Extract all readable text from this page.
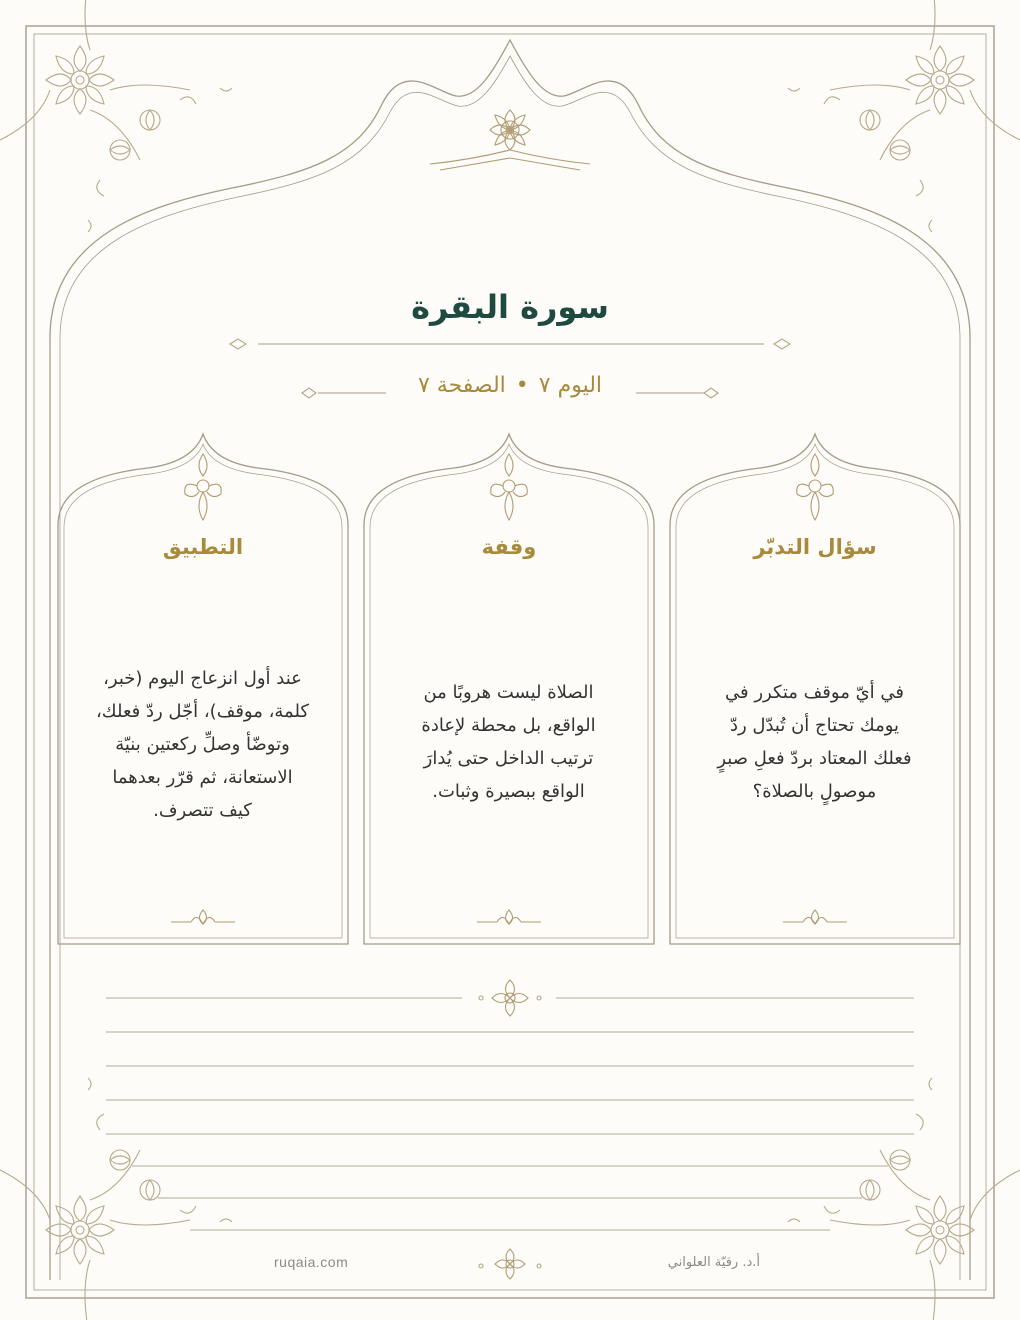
سورة البقرة
اليوم ٧•الصفحة ٧
سؤال التدبّر
في أيّ موقف متكرر في
يومك تحتاج أن تُبدّل ردّ
فعلك المعتاد بردّ فعلِ صبرٍ
موصولٍ بالصلاة؟
وقفة
الصلاة ليست هروبًا من
الواقع، بل محطة لإعادة
ترتيب الداخل حتى يُدارَ
الواقع ببصيرة وثبات.
التطبيق
عند أول انزعاج اليوم (خبر،
كلمة، موقف)، أجّل ردّ فعلك،
وتوضّأ وصلِّ ركعتين بنيّة
الاستعانة، ثم قرّر بعدهما
كيف تتصرف.
ruqaia.com	أ.د. رقيّة العلواني
